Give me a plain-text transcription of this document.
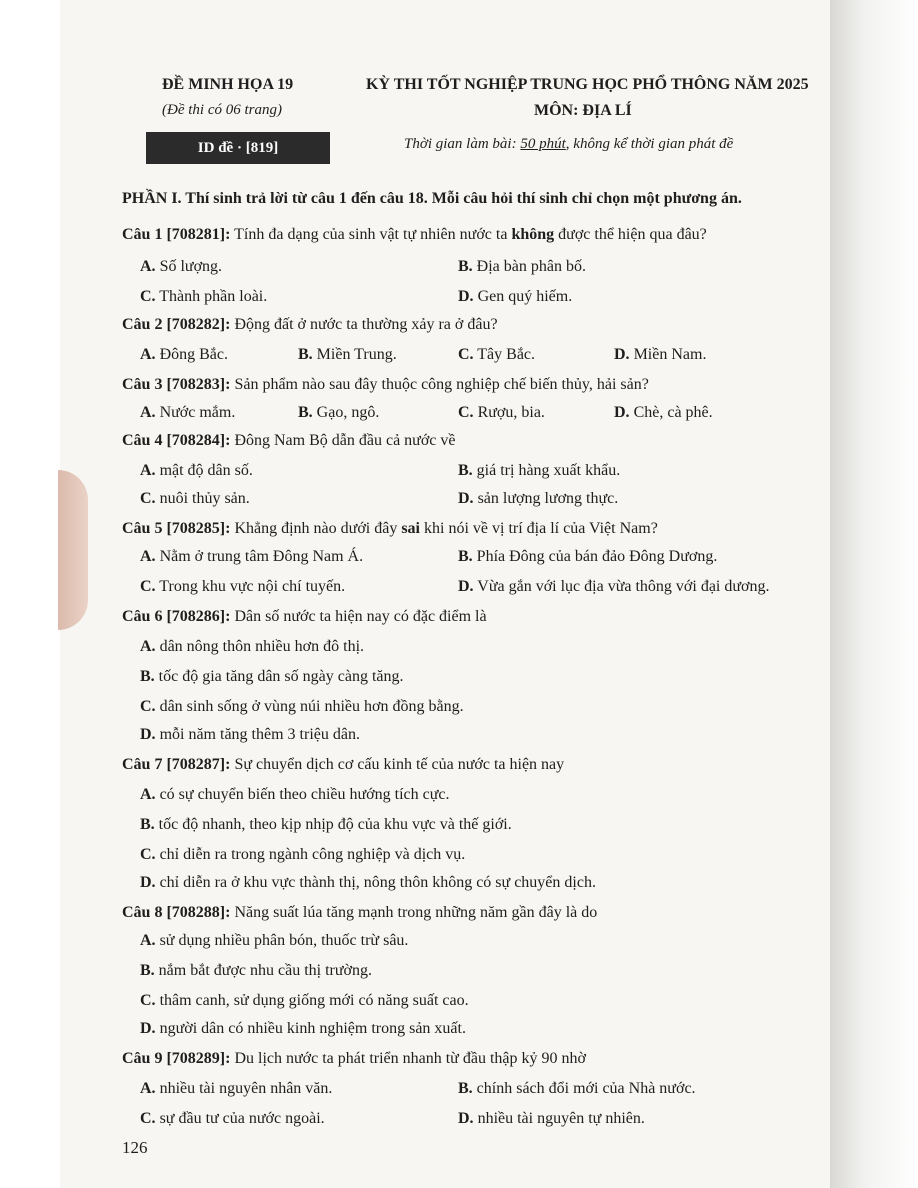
ĐỀ MINH HỌA 19
(Đề thi có 06 trang)
KỲ THI TỐT NGHIỆP TRUNG HỌC PHỔ THÔNG NĂM 2025
MÔN: ĐỊA LÍ
ID đề · [819]	Thời gian làm bài: 50 phút, không kể thời gian phát đề
PHẦN I. Thí sinh trả lời từ câu 1 đến câu 18. Mỗi câu hỏi thí sinh chỉ chọn một phương án.
Câu 1 [708281]: Tính đa dạng của sinh vật tự nhiên nước ta không được thể hiện qua đâu?
A. Số lượng.	B. Địa bàn phân bố.
C. Thành phần loài.	D. Gen quý hiếm.
Câu 2 [708282]: Động đất ở nước ta thường xảy ra ở đâu?
A. Đông Bắc.	B. Miền Trung.	C. Tây Bắc.	D. Miền Nam.
Câu 3 [708283]: Sản phẩm nào sau đây thuộc công nghiệp chế biến thủy, hải sản?
A. Nước mắm.	B. Gạo, ngô.	C. Rượu, bia.	D. Chè, cà phê.
Câu 4 [708284]: Đông Nam Bộ dẫn đầu cả nước về
A. mật độ dân số.	B. giá trị hàng xuất khẩu.
C. nuôi thủy sản.	D. sản lượng lương thực.
Câu 5 [708285]: Khẳng định nào dưới đây sai khi nói về vị trí địa lí của Việt Nam?
A. Nằm ở trung tâm Đông Nam Á.	B. Phía Đông của bán đảo Đông Dương.
C. Trong khu vực nội chí tuyến.	D. Vừa gắn với lục địa vừa thông với đại dương.
Câu 6 [708286]: Dân số nước ta hiện nay có đặc điểm là
A. dân nông thôn nhiều hơn đô thị.
B. tốc độ gia tăng dân số ngày càng tăng.
C. dân sinh sống ở vùng núi nhiều hơn đồng bằng.
D. mỗi năm tăng thêm 3 triệu dân.
Câu 7 [708287]: Sự chuyển dịch cơ cấu kinh tế của nước ta hiện nay
A. có sự chuyển biến theo chiều hướng tích cực.
B. tốc độ nhanh, theo kịp nhịp độ của khu vực và thế giới.
C. chỉ diễn ra trong ngành công nghiệp và dịch vụ.
D. chỉ diễn ra ở khu vực thành thị, nông thôn không có sự chuyển dịch.
Câu 8 [708288]: Năng suất lúa tăng mạnh trong những năm gần đây là do
A. sử dụng nhiều phân bón, thuốc trừ sâu.
B. nắm bắt được nhu cầu thị trường.
C. thâm canh, sử dụng giống mới có năng suất cao.
D. người dân có nhiều kinh nghiệm trong sản xuất.
Câu 9 [708289]: Du lịch nước ta phát triển nhanh từ đầu thập kỷ 90 nhờ
A. nhiều tài nguyên nhân văn.	B. chính sách đổi mới của Nhà nước.
C. sự đầu tư của nước ngoài.	D. nhiều tài nguyên tự nhiên.
126
